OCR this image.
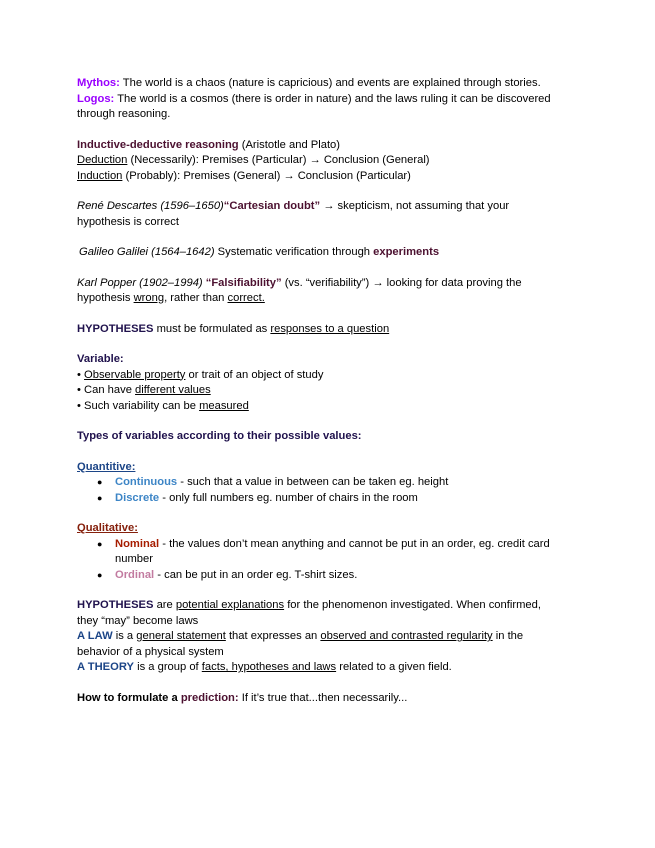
Mythos: The world is a chaos (nature is capricious) and events are explained through stories.
Logos: The world is a cosmos (there is order in nature) and the laws ruling it can be discovered
through reasoning.
Inductive-deductive reasoning (Aristotle and Plato)
Deduction (Necessarily): Premises (Particular) → Conclusion (General)
Induction (Probably): Premises (General) → Conclusion (Particular)
René Descartes (1596–1650)“Cartesian doubt” → skepticism, not assuming that your
hypothesis is correct
Galileo Galilei (1564–1642) Systematic verification through experiments
Karl Popper (1902–1994) “Falsifiability” (vs. “verifiability”) → looking for data proving the
hypothesis wrong, rather than correct.
HYPOTHESES must be formulated as responses to a question
Variable:
• Observable property or trait of an object of study
• Can have different values
• Such variability can be measured
Types of variables according to their possible values:
Quantitive:
● Continuous - such that a value in between can be taken eg. height
● Discrete - only full numbers eg. number of chairs in the room
Qualitative:
● Nominal - the values don’t mean anything and cannot be put in an order, eg. credit card
number
● Ordinal - can be put in an order eg. T-shirt sizes.
HYPOTHESES are potential explanations for the phenomenon investigated. When confirmed,
they “may” become laws
A LAW is a general statement that expresses an observed and contrasted regularity in the
behavior of a physical system
A THEORY is a group of facts, hypotheses and laws related to a given field.
How to formulate a prediction: If it’s true that...then necessarily...
